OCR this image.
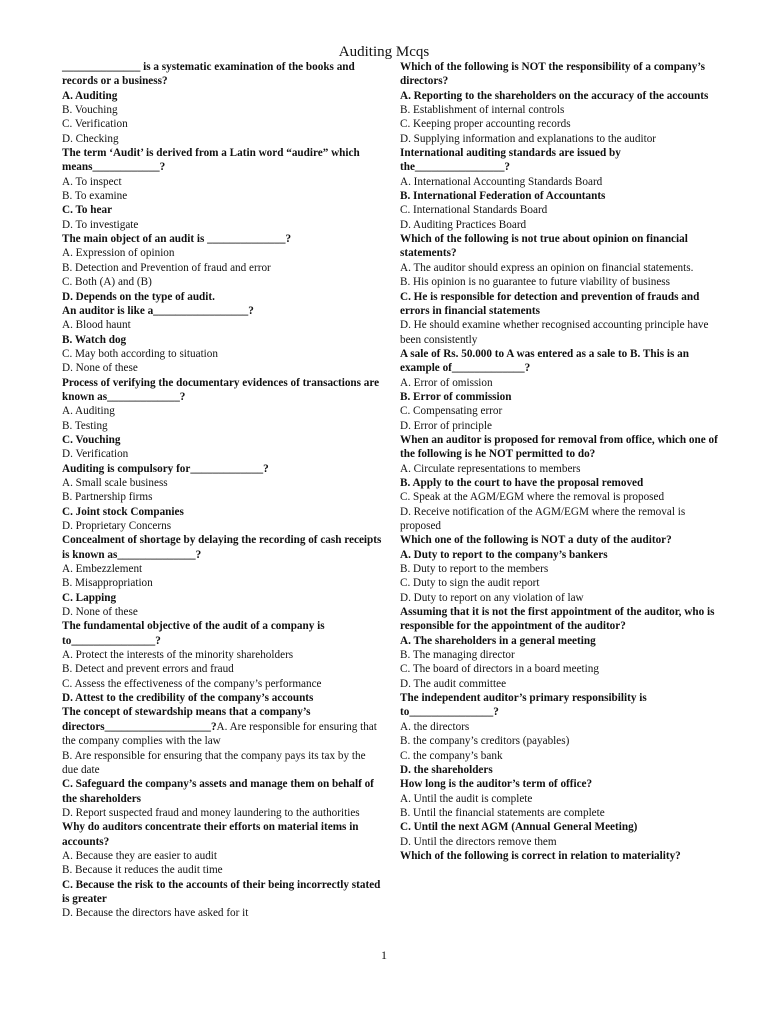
Auditing Mcqs
______________ is a systematic examination of the books and records or a business?
A. Auditing
B. Vouching
C. Verification
D. Checking
The term ‘Audit’ is derived from a Latin word “audire” which means____________?
A. To inspect
B. To examine
C. To hear
D. To investigate
The main object of an audit is ______________?
A. Expression of opinion
B. Detection and Prevention of fraud and error
C. Both (A) and (B)
D. Depends on the type of audit.
An auditor is like a_________________?
A. Blood haunt
B. Watch dog
C. May both according to situation
D. None of these
Process of verifying the documentary evidences of transactions are known as_____________?
A. Auditing
B. Testing
C. Vouching
D. Verification
Auditing is compulsory for_____________?
A. Small scale business
B. Partnership firms
C. Joint stock Companies
D. Proprietary Concerns
Concealment of shortage by delaying the recording of cash receipts is known as______________?
A. Embezzlement
B. Misappropriation
C. Lapping
D. None of these
The fundamental objective of the audit of a company is to_______________?
A. Protect the interests of the minority shareholders
B. Detect and prevent errors and fraud
C. Assess the effectiveness of the company’s performance
D. Attest to the credibility of the company’s accounts
The concept of stewardship means that a company’s directors___________________?A. Are responsible for ensuring that the company complies with the law
B. Are responsible for ensuring that the company pays its tax by the due date
C. Safeguard the company’s assets and manage them on behalf of the shareholders
D. Report suspected fraud and money laundering to the authorities
Why do auditors concentrate their efforts on material items in accounts?
A. Because they are easier to audit
B. Because it reduces the audit time
C. Because the risk to the accounts of their being incorrectly stated is greater
D. Because the directors have asked for it
Which of the following is NOT the responsibility of a company’s directors?
A. Reporting to the shareholders on the accuracy of the accounts
B. Establishment of internal controls
C. Keeping proper accounting records
D. Supplying information and explanations to the auditor
International auditing standards are issued by the________________?
A. International Accounting Standards Board
B. International Federation of Accountants
C. International Standards Board
D. Auditing Practices Board
Which of the following is not true about opinion on financial statements?
A. The auditor should express an opinion on financial statements.
B. His opinion is no guarantee to future viability of business
C. He is responsible for detection and prevention of frauds and errors in financial statements
D. He should examine whether recognised accounting principle have been consistently
A sale of Rs. 50.000 to A was entered as a sale to B. This is an example of_____________?
A. Error of omission
B. Error of commission
C. Compensating error
D. Error of principle
When an auditor is proposed for removal from office, which one of the following is he NOT permitted to do?
A. Circulate representations to members
B. Apply to the court to have the proposal removed
C. Speak at the AGM/EGM where the removal is proposed
D. Receive notification of the AGM/EGM where the removal is proposed
Which one of the following is NOT a duty of the auditor?
A. Duty to report to the company’s bankers
B. Duty to report to the members
C. Duty to sign the audit report
D. Duty to report on any violation of law
Assuming that it is not the first appointment of the auditor, who is responsible for the appointment of the auditor?
A. The shareholders in a general meeting
B. The managing director
C. The board of directors in a board meeting
D. The audit committee
The independent auditor’s primary responsibility is to_______________?
A. the directors
B. the company’s creditors (payables)
C. the company’s bank
D. the shareholders
How long is the auditor’s term of office?
A. Until the audit is complete
B. Until the financial statements are complete
C. Until the next AGM (Annual General Meeting)
D. Until the directors remove them
Which of the following is correct in relation to materiality?
1
